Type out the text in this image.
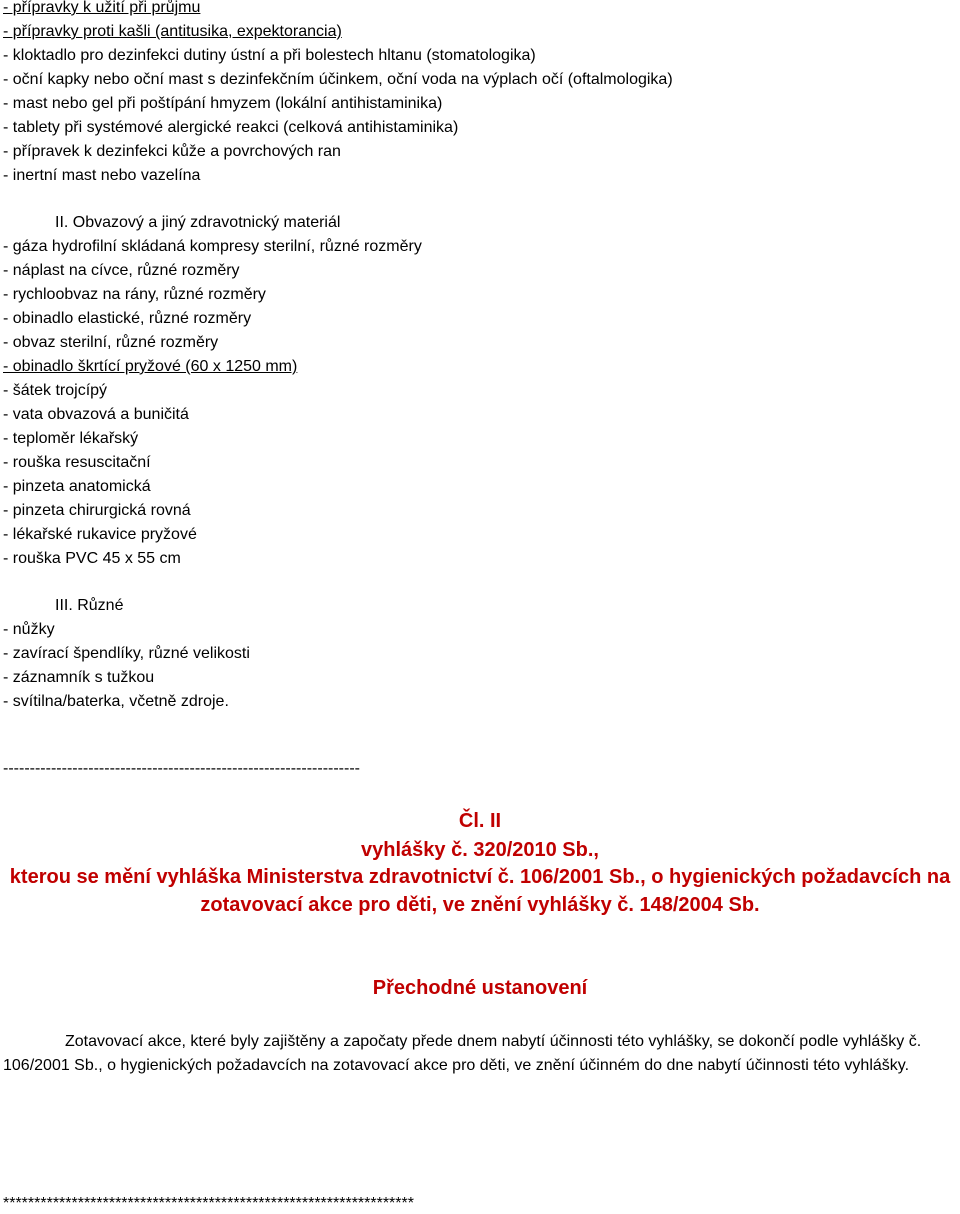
- přípravky k užití při průjmu
- přípravky proti kašli (antitusika, expektorancia)
- kloktadlo pro dezinfekci dutiny ústní a při bolestech hltanu (stomatologika)
- oční kapky nebo oční mast s dezinfekčním účinkem, oční voda na výplach očí (oftalmologika)
- mast nebo gel při poštípání hmyzem (lokální antihistaminika)
- tablety při systémové alergické reakci (celková antihistaminika)
- přípravek k dezinfekci kůže a povrchových ran
- inertní mast nebo vazelína
II. Obvazový a jiný zdravotnický materiál
- gáza hydrofilní skládaná kompresy sterilní, různé rozměry
- náplast na cívce, různé rozměry
- rychloobvaz na rány, různé rozměry
- obinadlo elastické, různé rozměry
- obvaz sterilní, různé rozměry
- obinadlo škrtící pryžové (60 x 1250 mm)
- šátek trojcípý
- vata obvazová a buničitá
- teploměr lékařský
- rouška resuscitační
- pinzeta anatomická
- pinzeta chirurgická rovná
- lékařské rukavice pryžové
- rouška PVC 45 x 55 cm
III. Různé
- nůžky
- zavírací špendlíky, různé velikosti
- záznamník s tužkou
- svítilna/baterka, včetně zdroje.
-------------------------------------------------------------------
Čl. II
vyhlášky č. 320/2010 Sb.,
kterou se mění vyhláška Ministerstva zdravotnictví č. 106/2001 Sb., o hygienických požadavcích na
zotavovací akce pro děti, ve znění vyhlášky č. 148/2004 Sb.
Přechodné ustanovení
Zotavovací akce, které byly zajištěny a započaty přede dnem nabytí účinnosti této vyhlášky, se dokončí podle vyhlášky č. 106/2001 Sb., o hygienických požadavcích na zotavovací akce pro děti, ve znění účinném do dne nabytí účinnosti této vyhlášky.
******************************************************************
